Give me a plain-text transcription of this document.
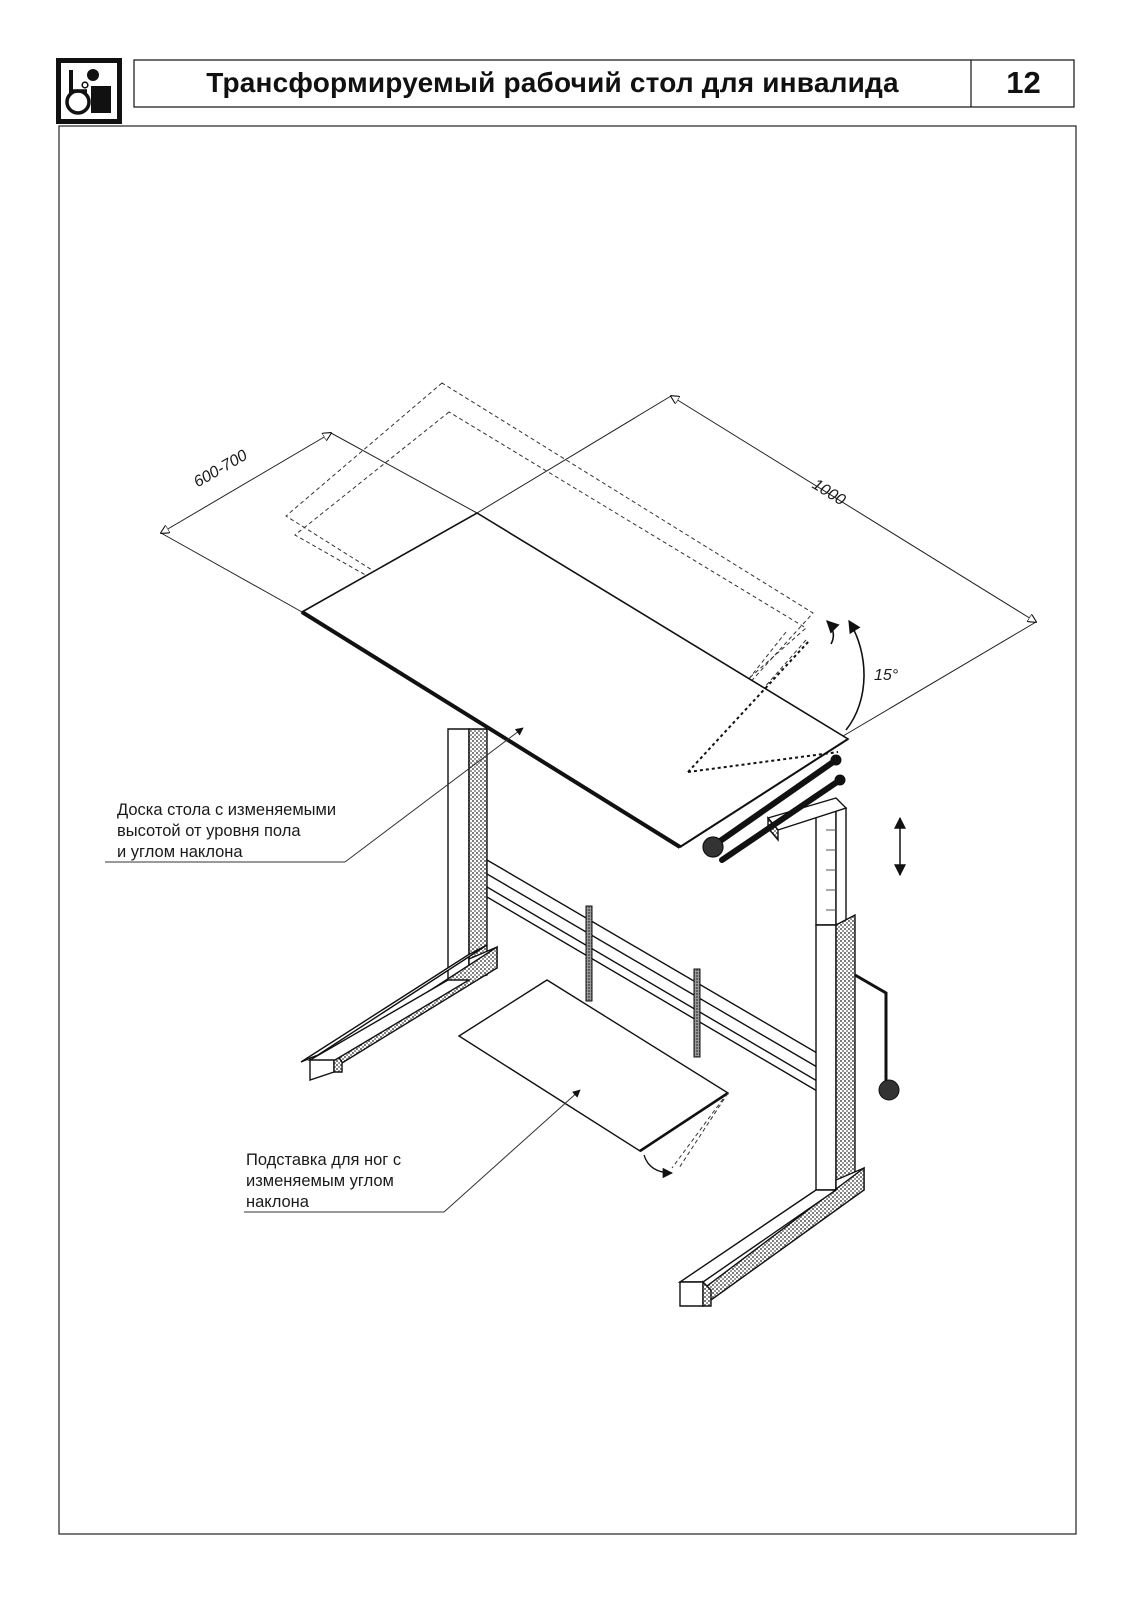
Трансформируемый рабочий стол для инвалида	12
600-700
1000
15°
Доска стола с изменяемыми
высотой от уровня пола
и углом наклона
Подставка для ног с
изменяемым углом
наклона
